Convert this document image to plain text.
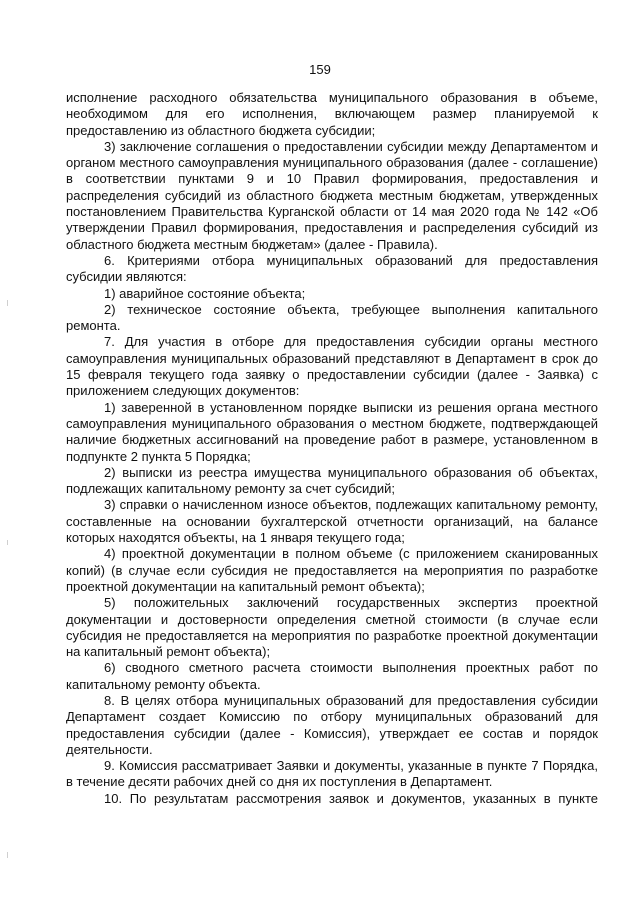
159

исполнение расходного обязательства муниципального образования в объеме, необходимом для его исполнения, включающем размер планируемой к предоставлению из областного бюджета субсидии;

3) заключение соглашения о предоставлении субсидии между Департаментом и органом местного самоуправления муниципального образования (далее - соглашение) в соответствии пунктами 9 и 10 Правил формирования, предоставления и распределения субсидий из областного бюджета местным бюджетам, утвержденных постановлением Правительства Курганской области от 14 мая 2020 года № 142 «Об утверждении Правил формирования, предоставления и распределения субсидий из областного бюджета местным бюджетам» (далее - Правила).

6. Критериями отбора муниципальных образований для предоставления субсидии являются:

1) аварийное состояние объекта;

2) техническое состояние объекта, требующее выполнения капитального ремонта.

7. Для участия в отборе для предоставления субсидии органы местного самоуправления муниципальных образований представляют в Департамент в срок до 15 февраля текущего года заявку о предоставлении субсидии (далее - Заявка) с приложением следующих документов:

1) заверенной в установленном порядке выписки из решения органа местного самоуправления муниципального образования о местном бюджете, подтверждающей наличие бюджетных ассигнований на проведение работ в размере, установленном в подпункте 2 пункта 5 Порядка;

2) выписки из реестра имущества муниципального образования об объектах, подлежащих капитальному ремонту за счет субсидий;

3) справки о начисленном износе объектов, подлежащих капитальному ремонту, составленные на основании бухгалтерской отчетности организаций, на балансе которых находятся объекты, на 1 января текущего года;

4) проектной документации в полном объеме (с приложением сканированных копий) (в случае если субсидия не предоставляется на мероприятия по разработке проектной документации на капитальный ремонт объекта);

5) положительных заключений государственных экспертиз проектной документации и достоверности определения сметной стоимости (в случае если субсидия не предоставляется на мероприятия по разработке проектной документации на капитальный ремонт объекта);

6) сводного сметного расчета стоимости выполнения проектных работ по капитальному ремонту объекта.

8. В целях отбора муниципальных образований для предоставления субсидии Департамент создает Комиссию по отбору муниципальных образований для предоставления субсидии (далее - Комиссия), утверждает ее состав и порядок деятельности.

9. Комиссия рассматривает Заявки и документы, указанные в пункте 7 Порядка, в течение десяти рабочих дней со дня их поступления в Департамент.

10. По результатам рассмотрения заявок и документов, указанных в пункте
